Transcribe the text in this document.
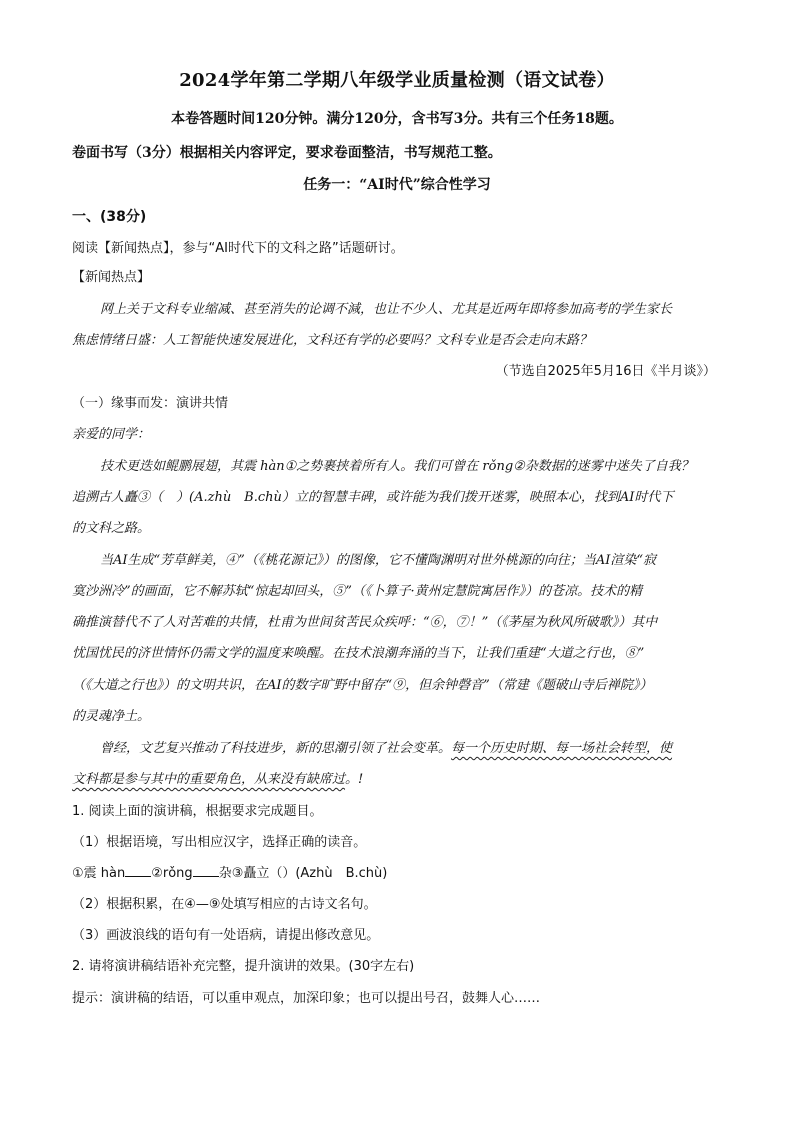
2024学年第二学期八年级学业质量检测（语文试卷）
本卷答题时间120分钟。满分120分，含书写3分。共有三个任务18题。
卷面书写（3分）根据相关内容评定，要求卷面整洁，书写规范工整。
任务一：“AI时代”综合性学习
一、(38分)
阅读【新闻热点】，参与“AI时代下的文科之路”话题研讨。
【新闻热点】
网上关于文科专业缩减、甚至消失的论调不減，也让不少人、尤其是近两年即将参加高考的学生家长
焦虑情绪日盛：人工智能快速发展进化，文科还有学的必要吗？文科专业是否会走向末路？
（节选自2025年5月16日《半月谈》）
（一）缘事而发：演讲共情
亲爱的同学：
技术更迭如鲲鹏展翅，其震 hàn①之势裹挟着所有人。我们可曾在 rǒng②杂数据的迷雾中迷失了自我？
追溯古人矗③（　）(A.zhù　B.chù）立的智慧丰碑，或许能为我们拨开迷雾，映照本心，找到AI时代下
的文科之路。
当AI生成“芳草鲜美，④”（《桃花源记》）的图像，它不懂陶渊明对世外桃源的向往；当AI渲染“寂
寞沙洲冷”的画面，它不解苏轼“惊起却回头，⑤”（《卜算子·黄州定慧院寓居作》）的苍凉。技术的精
确推演替代不了人对苦难的共情，杜甫为世间贫苦民众疾呼：“⑥，⑦！”（《茅屋为秋风所破歌》）其中
忧国忧民的济世情怀仍需文学的温度来唤醒。在技术浪潮奔涌的当下，让我们重建“大道之行也，⑧”
（《大道之行也》）的文明共识，在AI的数字旷野中留存“⑨，但余钟磬音”（常建《题破山寺后禅院》）
的灵魂净土。
曾经，文艺复兴推动了科技进步，新的思潮引领了社会变革。每一个历史时期、每一场社会转型，使
文科都是参与其中的重要角色，从来没有缺席过。!
1. 阅读上面的演讲稿，根据要求完成题目。
（1）根据语境，写出相应汉字，选择正确的读音。
①震 hàn ②rǒng 杂③矗立（）(Azhù　B.chù)
（2）根据积累，在④—⑨处填写相应的古诗文名句。
（3）画波浪线的语句有一处语病，请提出修改意见。
2. 请将演讲稿结语补充完整，提升演讲的效果。(30字左右)
提示：演讲稿的结语，可以重申观点，加深印象；也可以提出号召，鼓舞人心……
